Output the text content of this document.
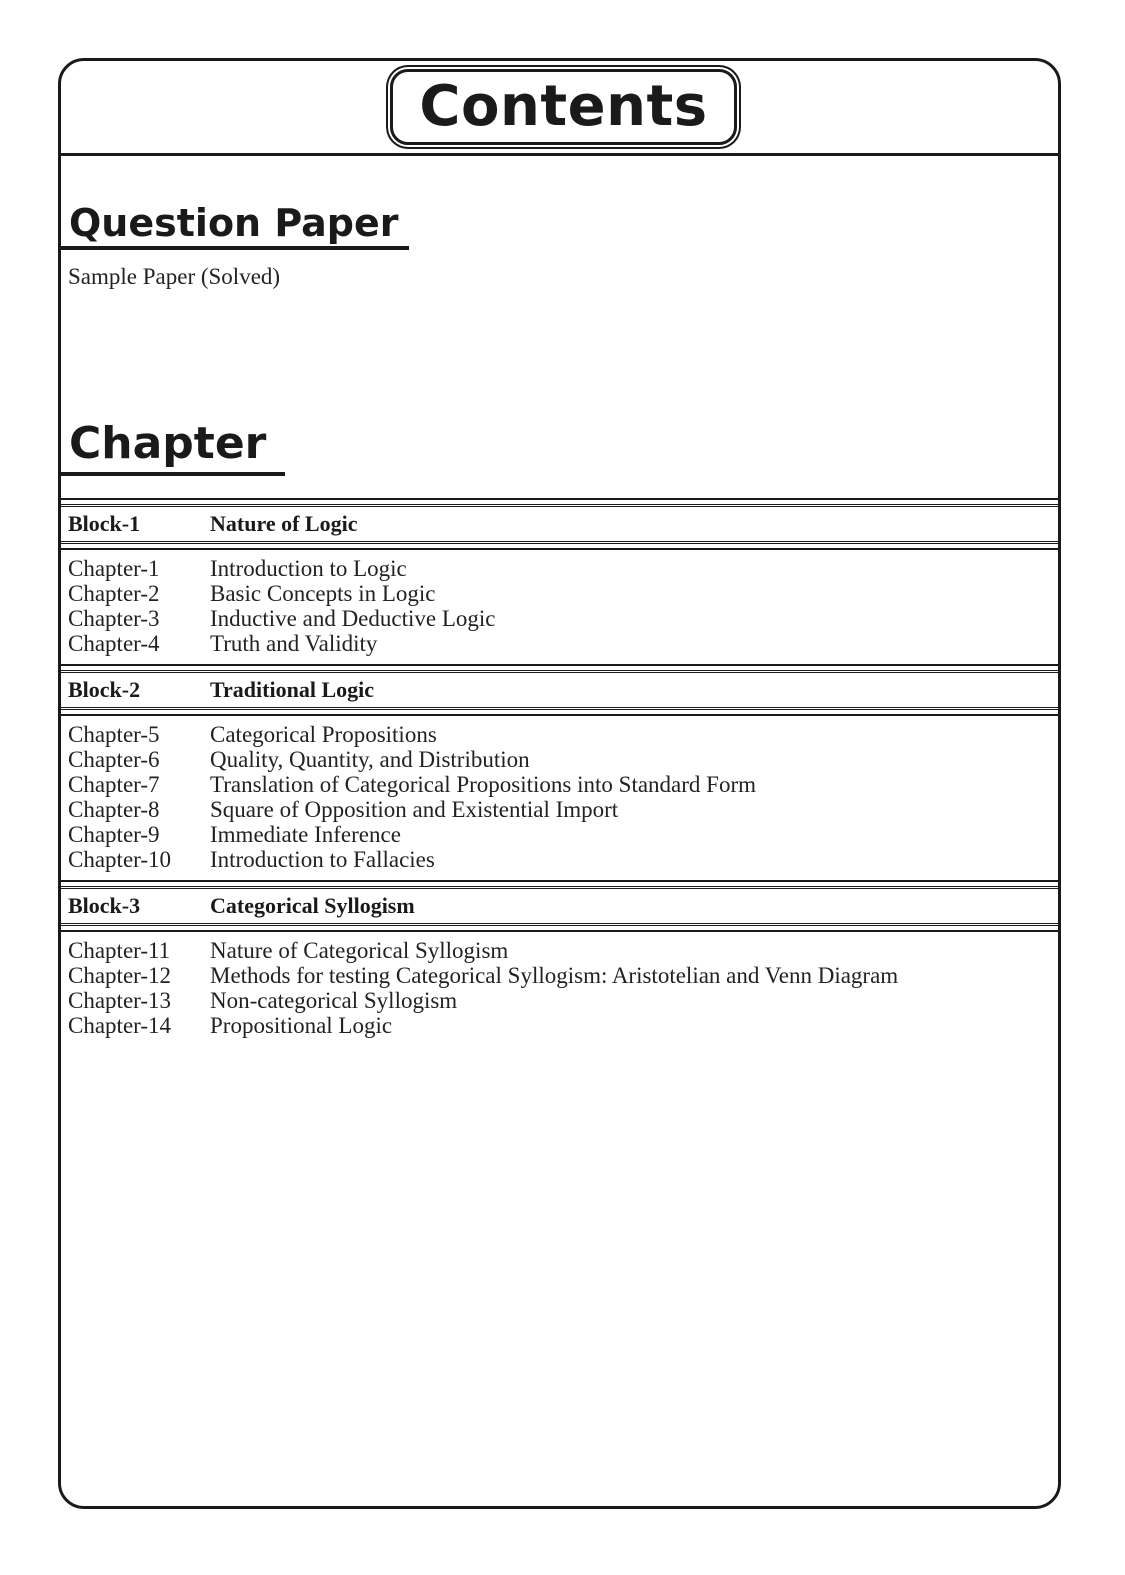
Contents
Question Paper
Sample Paper (Solved)
Chapter
Block-1	Nature of Logic
Chapter-1	Introduction to Logic
Chapter-2	Basic Concepts in Logic
Chapter-3	Inductive and Deductive Logic
Chapter-4	Truth and Validity
Block-2	Traditional Logic
Chapter-5	Categorical Propositions
Chapter-6	Quality, Quantity, and Distribution
Chapter-7	Translation of Categorical Propositions into Standard Form
Chapter-8	Square of Opposition and Existential Import
Chapter-9	Immediate Inference
Chapter-10	Introduction to Fallacies
Block-3	Categorical Syllogism
Chapter-11	Nature of Categorical Syllogism
Chapter-12	Methods for testing Categorical Syllogism: Aristotelian and Venn Diagram
Chapter-13	Non-categorical Syllogism
Chapter-14	Propositional Logic
